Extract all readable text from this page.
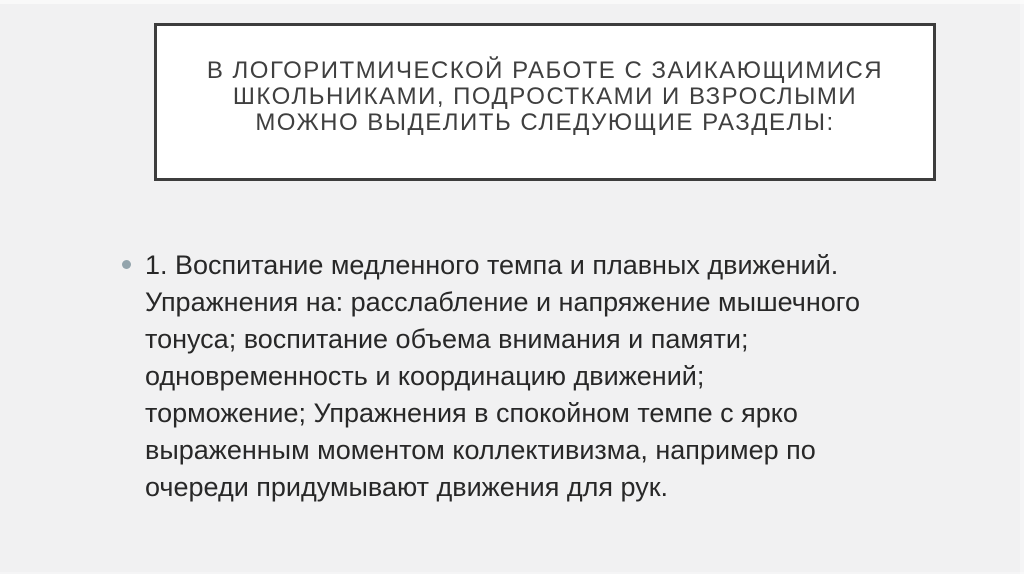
В ЛОГОРИТМИЧЕСКОЙ РАБОТЕ С ЗАИКАЮЩИМИСЯ
ШКОЛЬНИКАМИ, ПОДРОСТКАМИ И ВЗРОСЛЫМИ
МОЖНО ВЫДЕЛИТЬ СЛЕДУЮЩИЕ РАЗДЕЛЫ:
1. Воспитание медленного темпа и плавных движений.
Упражнения на: расслабление и напряжение мышечного
тонуса; воспитание объема внимания и памяти;
одновременность и координацию движений;
торможение; Упражнения в спокойном темпе с ярко
выраженным моментом коллективизма, например по
очереди придумывают движения для рук.
